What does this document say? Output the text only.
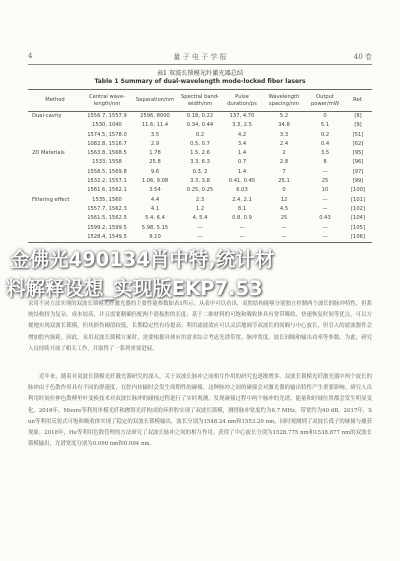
4	量 子 电 子 学 报	40 卷
表1 双波长锁模光纤激光器总结
Table 1 Summary of dual-wavelength mode-locked fiber lasers
Method	Central wave-length/nm	Separation/nm	Spectral band-width/nm	Pulse duration/ps	Wavelength spacing/nm	Output power/mW	Ref.
Dual-cavity	1556.7, 1557.9	2596, 8000	0.18, 0.22	137, 4.70	5.2	0	[8]
	1530, 1040	11.6, 11.4	0.34, 0.44	3.3, 2.5	34.8	5.1	[9]
	1574.5, 1578.0	3.5	0.2	4.2	3.3	0.2	[51]
	1082.8, 1516.7	2.9	0.5, 0.7	3.4	2.4	0.4	[62]
2D Materials	1563.8, 1568.5	1.78	1.5, 2.6	1.4	2	3.5	[95]
	1533, 1558	25.8	3.3, 6.3	0.7	2.8	8	[96]
	1558.5, 1569.8	9.6	0.3, 2	1.4	7	—	[97]
	1532.2, 1557.1	1.06, 9.08	3.3, 3.8	0.41, 0.45	25.1	25	[99]
	1561.6, 1562.1	3.54	0.25, 0.25	6.03	0	10	[100]
Filtering effect	1535, 1560	4.4	2.3	2.4, 2.1	12	—	[101]
	1557.7, 1562.3	4.1	1.2	8.1	4.5	—	[102]
	1561.5, 1562.5	5.4, 6.4	4, 5.4	0.8, 0.9	25	0.43	[104]
	1599.2, 1599.5	5.98, 5.15	—	—	—	—	[105]
	1528.4, 1549.5	8.10	—	—	—	—	[106]

采用不同方法实现的双波长锁模光纤激光器的主要性能参数如表1所示。从表中可以看出，双腔结构能够分别独立控制两个波长的脉冲特性，但系统结构较为复杂，成本较高，并且需要精确匹配两个谐振腔的长度；基于二维材料的可饱和吸收体具有宽带吸收、快速恢复时间等优点，可以方便地实现双波长锁模，但其损伤阈值较低，长期稳定性有待提高；利用滤波效应可以灵活地调节双波长的间隔与中心波长，但引入的滤波器件会增加腔内损耗。因此，采用双波长锁模方案时，需要根据具体应用需求综合考虑光谱带宽、脉冲宽度、波长间隔和输出功率等参数。为此，研究人员持续开展了相关工作，并取得了一系列重要进展。

近年来，随着对双波长锁模光纤激光器研究的深入，关于双波长脉冲之间相互作用的研究也逐渐增多。双波长锁模光纤激光器中两个波长的脉冲由于色散作用具有不同的群速度，在腔内传输时会发生周期性的碰撞，这种脉冲之间的碰撞会对激光器的输出特性产生重要影响。研究人员利用时间拉伸色散傅里叶变换技术对双波长脉冲的碰撞过程进行了实时观测，发现碰撞过程中两个脉冲的光谱、能量和时域位置都会发生明显变化。2016年，Moore等利用单模光纤和掺铒光纤构成的环形腔实现了双波长锁模，测得脉冲宽度约为6.7 MHz，带宽约为40 dB。2017年，Sun等利用反射式可饱和吸收体实现了稳定的双波长锁模输出，波长分别为1548.24 nm和1553.20 nm，同时观测到了双波长孤子的碰撞与捕获现象。2018年，He等利用色散管理的方法研究了双波长脉冲之间的相互作用，获得了中心波长分别为1528.775 nm和1538.877 nm的双波长锁模输出，光谱宽度分别为0.090 nm和0.094 nm。

金佛光490134肖中特,统计材
料解释设想_实现版EKP7.53
